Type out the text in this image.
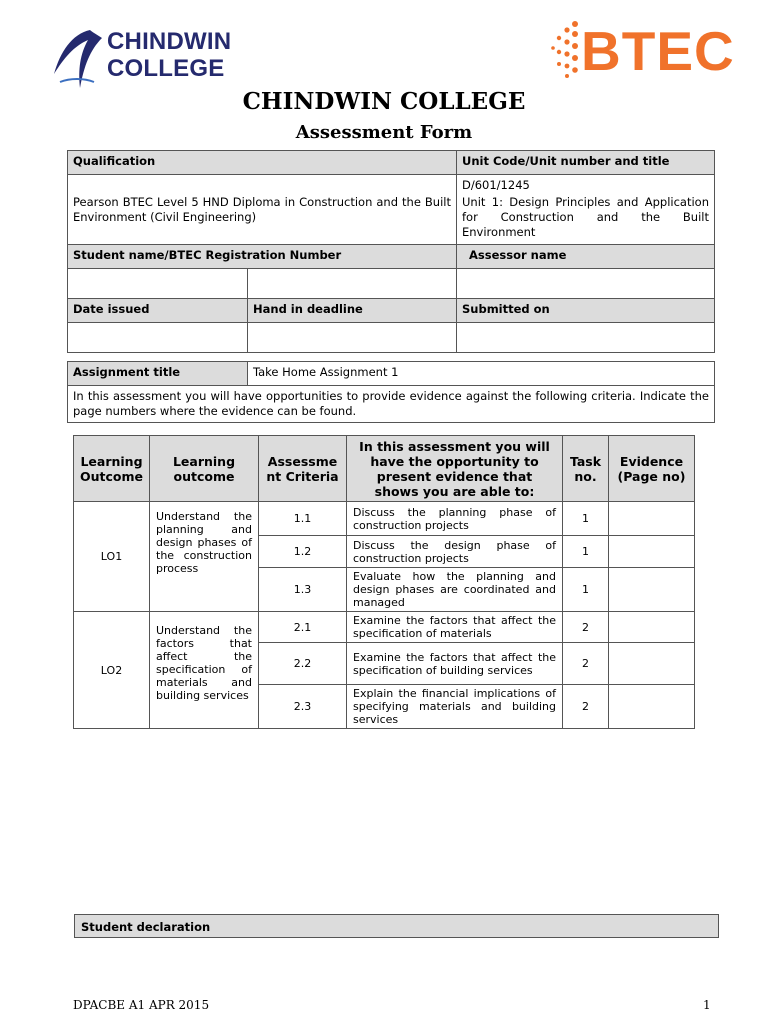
CHINDWIN
COLLEGE	BTEC
CHINDWIN COLLEGE
Assessment Form
Qualification		Unit Code/Unit number and title
Pearson BTEC Level 5 HND Diploma in Construction and the Built Environment (Civil Engineering)		D/601/1245
Unit 1: Design Principles and Application for Construction and the Built Environment

Student name/BTEC Registration Number		Assessor name

Date issued	Hand in deadline	Submitted on

Assignment title	Take Home Assignment 1
In this assessment you will have opportunities to provide evidence against the following criteria. Indicate the page numbers where the evidence can be found.
Learning Outcome	Learning outcome	Assessment Criteria	In this assessment you will have the opportunity to present evidence that shows you are able to:	Task no.	Evidence (Page no)
LO1	Understand the planning and design phases of the construction process	1.1	Discuss the planning phase of construction projects	1	
		1.2	Discuss the design phase of construction projects	1	
		1.3	Evaluate how the planning and design phases are coordinated and managed	1	
LO2	Understand the factors that affect the specification of materials and building services	2.1	Examine the factors that affect the specification of materials	2	
		2.2	Examine the factors that affect the specification of building services	2	
		2.3	Explain the financial implications of specifying materials and building services	2	
Student declaration
DPACBE A1 APR 2015	1
